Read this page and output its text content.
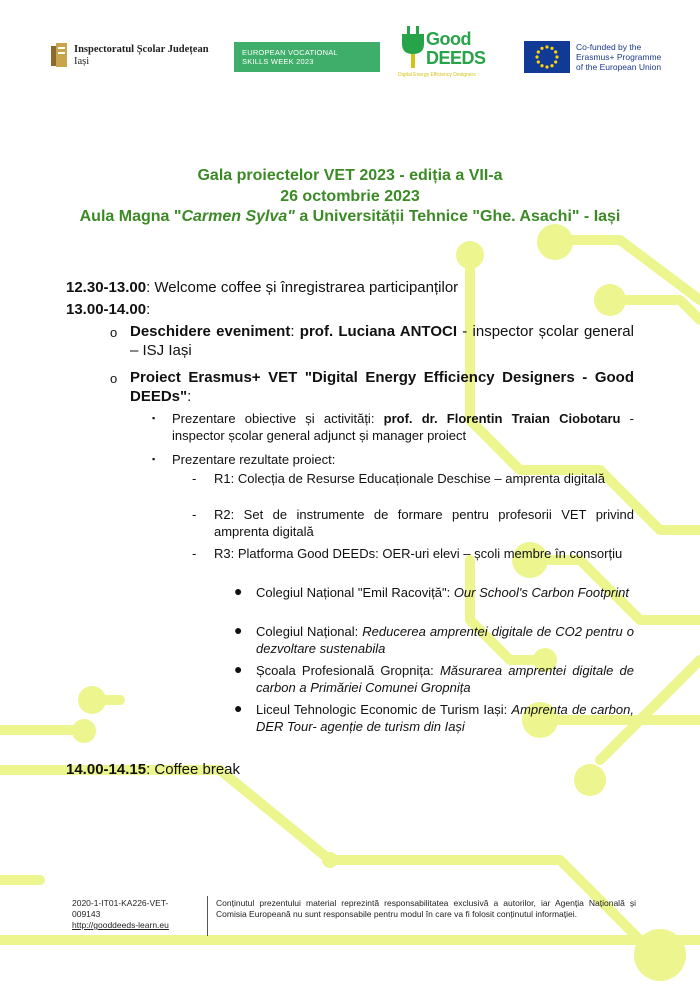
Inspectoratul Școlar Județean
Iași
EUROPEAN VOCATIONAL
SKILLS WEEK 2023
Good
DEEDS
Digital Energy Efficiency Designers
Co-funded by the
Erasmus+ Programme
of the European Union
Gala proiectelor VET 2023 - ediția a VII-a
26 octombrie 2023
Aula Magna "Carmen Sylva" a Universității Tehnice "Ghe. Asachi" - Iași
12.30-13.00: Welcome coffee și înregistrarea participanților
13.00-14.00:
o Deschidere eveniment: prof. Luciana ANTOCI - inspector școlar general – ISJ Iași
o Proiect Erasmus+ VET "Digital Energy Efficiency Designers - Good DEEDs":
▪ Prezentare obiective și activități: prof. dr. Florentin Traian Ciobotaru - inspector școlar general adjunct și manager proiect
▪ Prezentare rezultate proiect:
- R1: Colecția de Resurse Educaționale Deschise – amprenta digitală
- R2: Set de instrumente de formare pentru profesorii VET privind amprenta digitală
- R3: Platforma Good DEEDs: OER-uri elevi – școli membre în consorțiu
● Colegiul Național "Emil Racoviță": Our School's Carbon Footprint
● Colegiul Național: Reducerea amprentei digitale de CO2 pentru o dezvoltare sustenabila
● Școala Profesională Gropnița: Măsurarea amprentei digitale de carbon a Primăriei Comunei Gropnița
● Liceul Tehnologic Economic de Turism Iași: Amprenta de carbon, DER Tour- agenție de turism din Iași
14.00-14.15: Coffee break
2020-1-IT01-KA226-VET-
009143
http://gooddeeds-learn.eu
Conținutul prezentului material reprezintă responsabilitatea exclusivă a autorilor, iar Agenția Națională și Comisia Europeană nu sunt responsabile pentru modul în care va fi folosit conținutul informației.
